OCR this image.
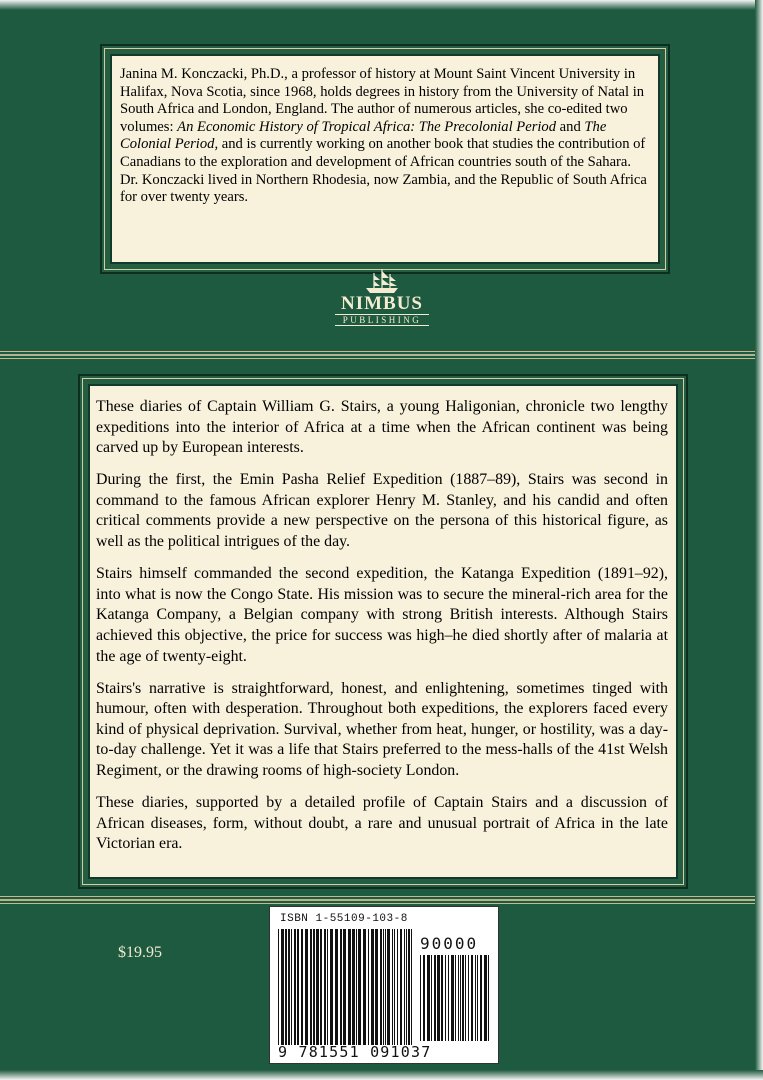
Janina M. Konczacki, Ph.D., a professor of history at Mount Saint Vincent University in Halifax, Nova Scotia, since 1968, holds degrees in history from the University of Natal in South Africa and London, England. The author of numerous articles, she co-edited two volumes: An Economic History of Tropical Africa: The Precolonial Period and The Colonial Period, and is currently working on another book that studies the contribution of Canadians to the exploration and development of African countries south of the Sahara. Dr. Konczacki lived in Northern Rhodesia, now Zambia, and the Republic of South Africa for over twenty years.
NIMBUS
PUBLISHING

These diaries of Captain William G. Stairs, a young Haligonian, chronicle two lengthy expeditions into the interior of Africa at a time when the African continent was being carved up by European interests.

During the first, the Emin Pasha Relief Expedition (1887–89), Stairs was second in command to the famous African explorer Henry M. Stanley, and his candid and often critical comments provide a new perspective on the persona of this historical figure, as well as the political intrigues of the day.

Stairs himself commanded the second expedition, the Katanga Expedition (1891–92), into what is now the Congo State. His mission was to secure the mineral-rich area for the Katanga Company, a Belgian company with strong British interests. Although Stairs achieved this objective, the price for success was high–he died shortly after of malaria at the age of twenty-eight.

Stairs's narrative is straightforward, honest, and enlightening, sometimes tinged with humour, often with desperation. Throughout both expeditions, the explorers faced every kind of physical deprivation. Survival, whether from heat, hunger, or hostility, was a day-to-day challenge. Yet it was a life that Stairs preferred to the mess-halls of the 41st Welsh Regiment, or the drawing rooms of high-society London.

These diaries, supported by a detailed profile of Captain Stairs and a discussion of African diseases, form, without doubt, a rare and unusual portrait of Africa in the late Victorian era.

$19.95
ISBN 1-55109-103-8
90000
9 781551 091037
